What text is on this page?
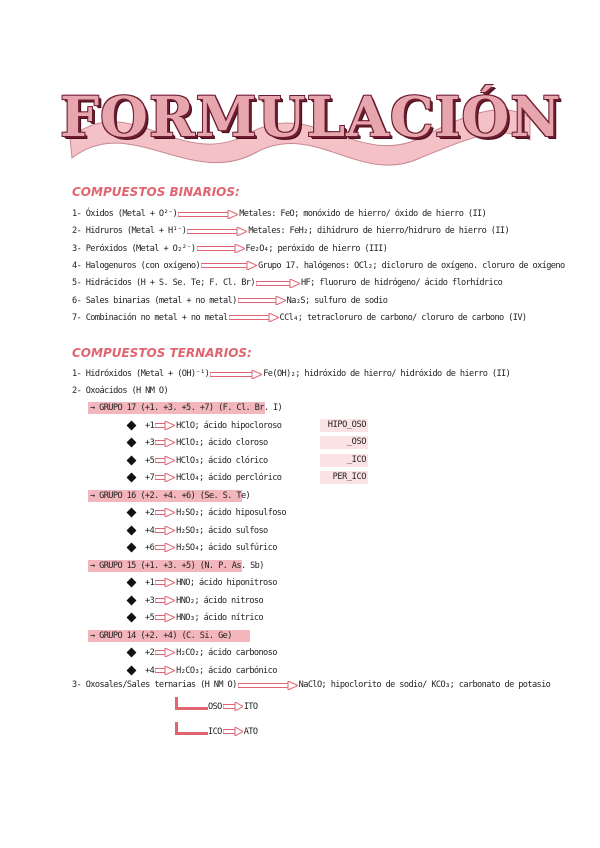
FORMULACIÓN
COMPUESTOS BINARIOS:
1- Óxidos (Metal + O²⁻)	Metales: FeO; monóxido de hierro/ óxido de hierro (II)
2- Hidruros (Metal + H¹⁻)	Metales: FeH₂; dihidruro de hierro/hidruro de hierro (II)
3- Peróxidos (Metal + O₂²⁻)	Fe₂O₄; peróxido de hierro (III)
4- Halogenuros (con oxígeno)	Grupo 17. halógenos: OCl₂; dicloruro de oxígeno. cloruro de oxígeno
5- Hidrácidos (H + S. Se. Te; F. Cl. Br)	HF; fluoruro de hidrógeno/ ácido florhídrico
6- Sales binarias (metal + no metal)	Na₂S; sulfuro de sodio
7- Combinación no metal + no metal	CCl₄; tetracloruro de carbono/ cloruro de carbono (IV)
COMPUESTOS TERNARIOS:
1- Hidróxidos (Metal + (OH)⁻¹)	Fe(OH)₂; hidróxido de hierro/ hidróxido de hierro (II)
2- Oxoácidos (H NM O)
→ GRUPO 17 (+1. +3. +5. +7) (F. Cl. Br. I)
+1	HClO; ácido hipocloroso	HIPO_OSO
+3	HClO₂; ácido cloroso	_OSO
+5	HClO₃; ácido clórico	_ICO
+7	HClO₄; ácido perclórico	PER_ICO
→ GRUPO 16 (+2. +4. +6) (Se. S. Te)
+2	H₂SO₂; ácido hiposulfoso
+4	H₂SO₃; ácido sulfoso
+6	H₂SO₄; ácido sulfúrico
→ GRUPO 15 (+1. +3. +5) (N. P. As. Sb)
+1	HNO; ácido hiponitroso
+3	HNO₂; ácido nitroso
+5	HNO₃; ácido nítrico
→ GRUPO 14 (+2. +4) (C. Si. Ge)
+2	H₂CO₂; ácido carbonoso
+4	H₂CO₃; ácido carbónico
3- Oxosales/Sales ternarias (H NM O)	NaClO; hipoclorito de sodio/ KCO₃; carbonato de potasio
OSO	ITO
ICO	ATO
